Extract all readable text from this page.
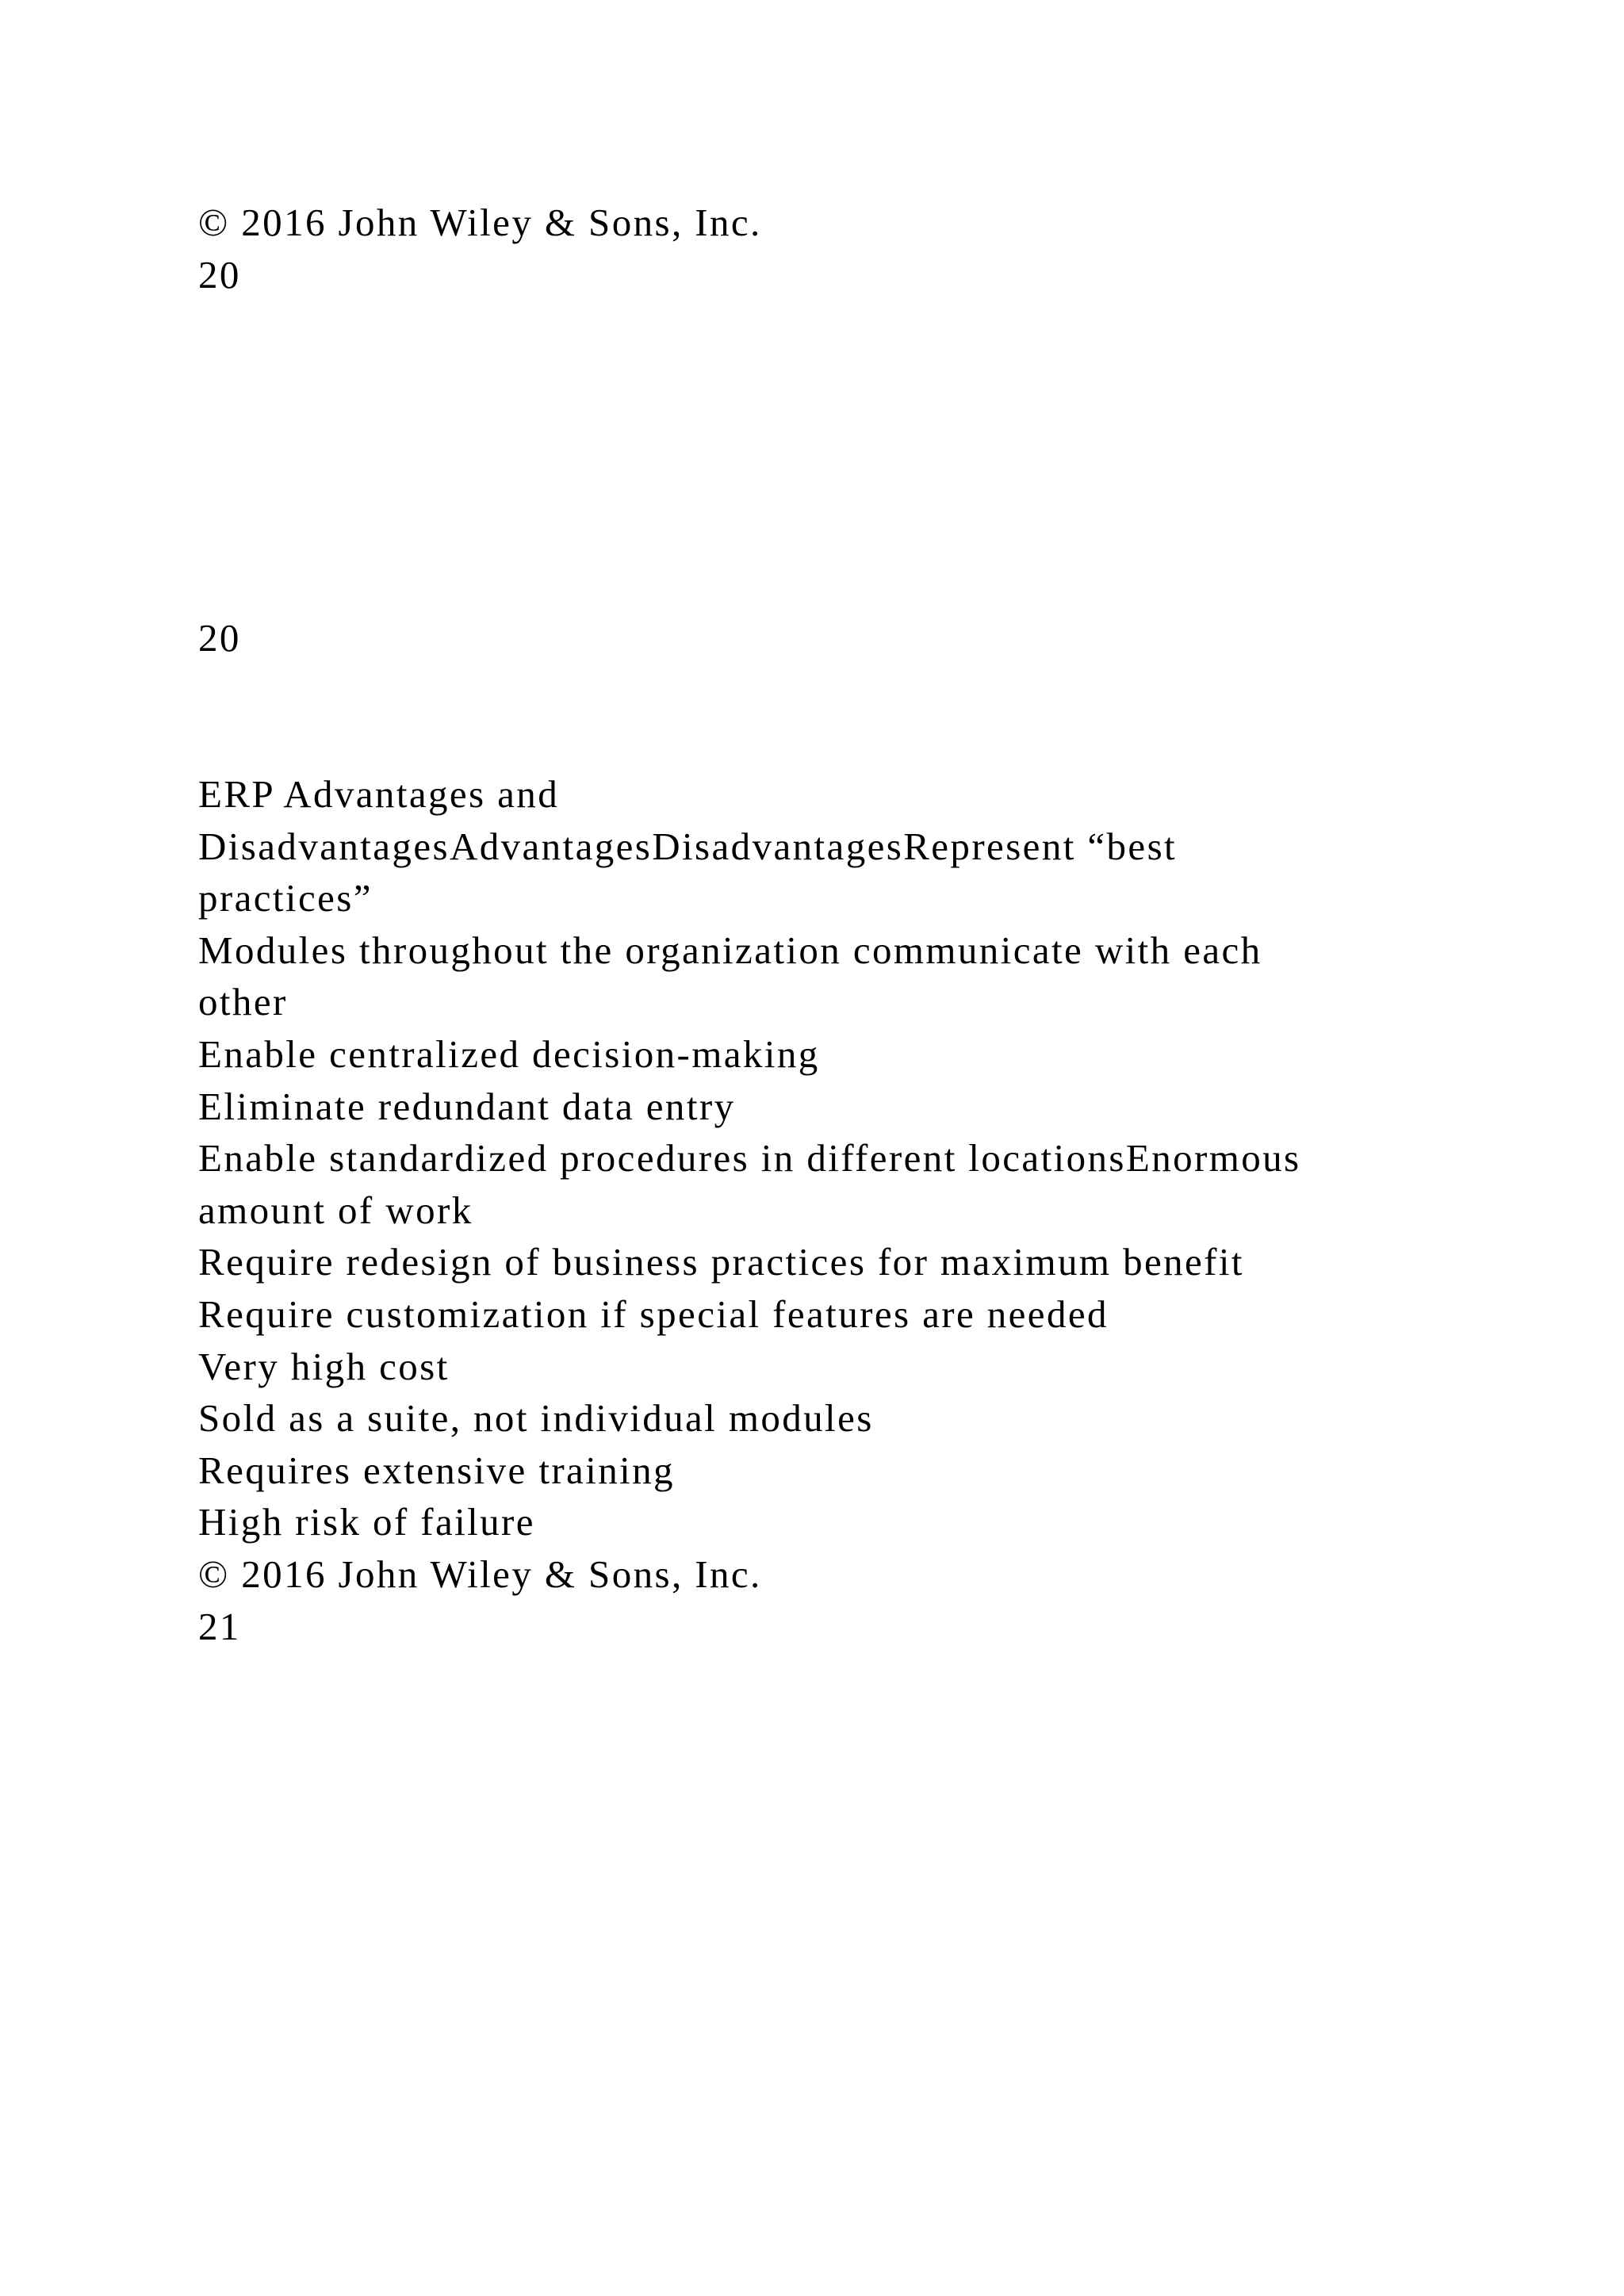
© 2016 John Wiley & Sons, Inc.
20
20
ERP Advantages and
DisadvantagesAdvantagesDisadvantagesRepresent “best
practices”
Modules throughout the organization communicate with each
other
Enable centralized decision-making
Eliminate redundant data entry
Enable standardized procedures in different locationsEnormous
amount of work
Require redesign of business practices for maximum benefit
Require customization if special features are needed
Very high cost
Sold as a suite, not individual modules
Requires extensive training
High risk of failure
© 2016 John Wiley & Sons, Inc.
21
